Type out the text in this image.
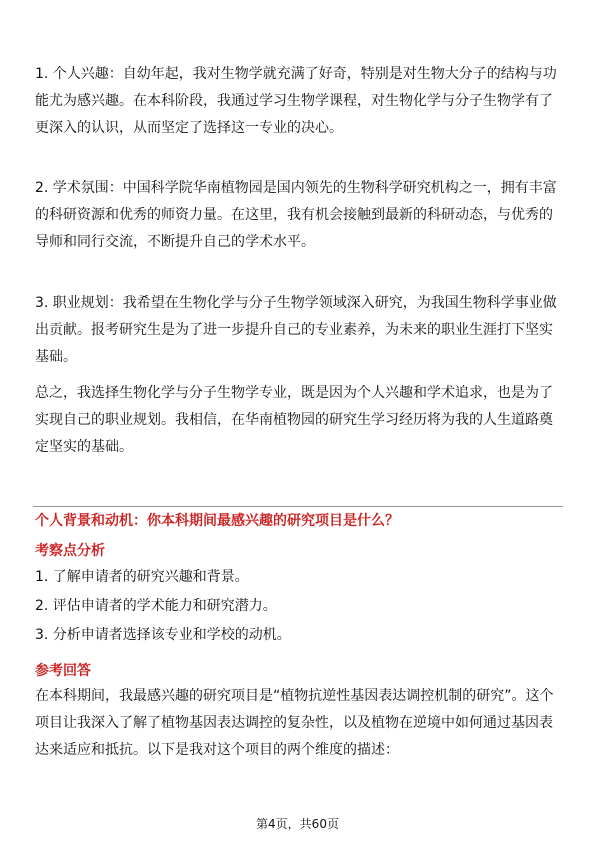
1. 个人兴趣：自幼年起，我对生物学就充满了好奇，特别是对生物大分子的结构与功能尤为感兴趣。在本科阶段，我通过学习生物学课程，对生物化学与分子生物学有了更深入的认识，从而坚定了选择这一专业的决心。

2. 学术氛围：中国科学院华南植物园是国内领先的生物科学研究机构之一，拥有丰富的科研资源和优秀的师资力量。在这里，我有机会接触到最新的科研动态，与优秀的导师和同行交流，不断提升自己的学术水平。

3. 职业规划：我希望在生物化学与分子生物学领域深入研究，为我国生物科学事业做出贡献。报考研究生是为了进一步提升自己的专业素养，为未来的职业生涯打下坚实基础。

总之，我选择生物化学与分子生物学专业，既是因为个人兴趣和学术追求，也是为了实现自己的职业规划。我相信，在华南植物园的研究生学习经历将为我的人生道路奠定坚实的基础。

个人背景和动机：你本科期间最感兴趣的研究项目是什么？

考察点分析

1. 了解申请者的研究兴趣和背景。
2. 评估申请者的学术能力和研究潜力。
3. 分析申请者选择该专业和学校的动机。

参考回答

在本科期间，我最感兴趣的研究项目是“植物抗逆性基因表达调控机制的研究”。这个项目让我深入了解了植物基因表达调控的复杂性，以及植物在逆境中如何通过基因表达来适应和抵抗。以下是我对这个项目的两个维度的描述：

第4页，共60页
